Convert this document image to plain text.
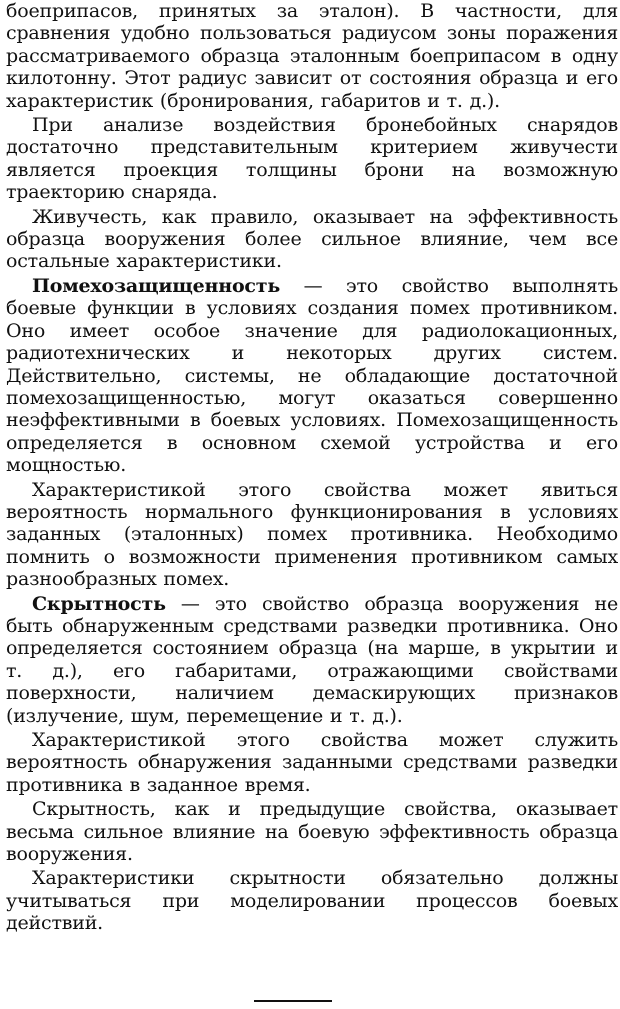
боеприпасов, принятых за эталон). В частности, для сравнения удобно пользоваться радиусом зоны поражения рассматриваемого образца эталонным боеприпасом в одну килотонну. Этот радиус зависит от состояния образца и его характеристик (бронирования, габаритов и т. д.).

При анализе воздействия бронебойных снарядов достаточно представительным критерием живучести является проекция толщины брони на возможную траекторию снаряда.

Живучесть, как правило, оказывает на эффективность образца вооружения более сильное влияние, чем все остальные характеристики.

Помехозащищенность — это свойство выполнять боевые функции в условиях создания помех противником. Оно имеет особое значение для радиолокационных, радиотехнических и некоторых других систем. Действительно, системы, не обладающие достаточной помехозащищенностью, могут оказаться совершенно неэффективными в боевых условиях. Помехозащищенность определяется в основном схемой устройства и его мощностью.

Характеристикой этого свойства может явиться вероятность нормального функционирования в условиях заданных (эталонных) помех противника. Необходимо помнить о возможности применения противником самых разнообразных помех.

Скрытность — это свойство образца вооружения не быть обнаруженным средствами разведки противника. Оно определяется состоянием образца (на марше, в укрытии и т. д.), его габаритами, отражающими свойствами поверхности, наличием демаскирующих признаков (излучение, шум, перемещение и т. д.).

Характеристикой этого свойства может служить вероятность обнаружения заданными средствами разведки противника в заданное время.

Скрытность, как и предыдущие свойства, оказывает весьма сильное влияние на боевую эффективность образца вооружения.

Характеристики скрытности обязательно должны учитываться при моделировании процессов боевых действий.
